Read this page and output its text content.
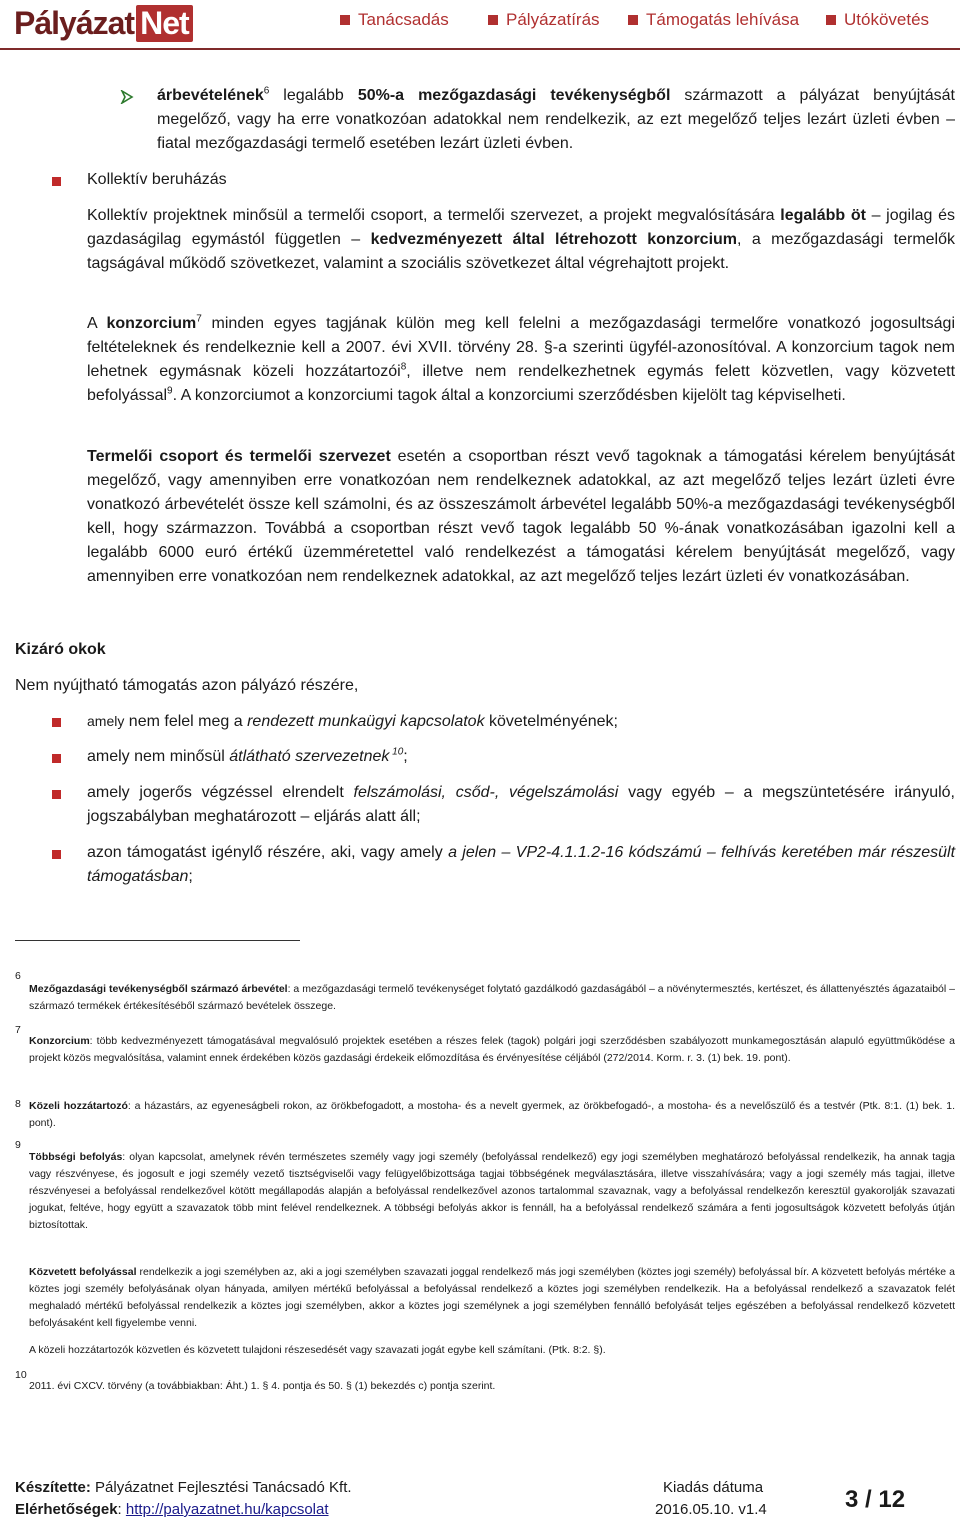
Pályázat Net	Tanácsadás	Pályázatírás	Támogatás lehívása	Utókövetés
árbevételének$^6$ legalább 50%-a mezőgazdasági tevékenységből származott a pályázat benyújtását megelőző, vagy ha erre vonatkozóan adatokkal nem rendelkezik, az ezt megelőző teljes lezárt üzleti évben – fiatal mezőgazdasági termelő esetében lezárt üzleti évben.
Kollektív beruházás
Kollektív projektnek minősül a termelői csoport, a termelői szervezet, a projekt megvalósítására legalább öt – jogilag és gazdaságilag egymástól független – kedvezményezett által létrehozott konzorcium, a mezőgazdasági termelők tagságával működő szövetkezet, valamint a szociális szövetkezet által végrehajtott projekt.
A konzorcium$^7$ minden egyes tagjának külön meg kell felelni a mezőgazdasági termelőre vonatkozó jogosultsági feltételeknek és rendelkeznie kell a 2007. évi XVII. törvény 28. §-a szerinti ügyfél-azonosítóval. A konzorcium tagok nem lehetnek egymásnak közeli hozzátartozói$^8$, illetve nem rendelkezhetnek egymás felett közvetlen, vagy közvetett befolyással$^9$. A konzorciumot a konzorciumi tagok által a konzorciumi szerződésben kijelölt tag képviselheti.
Termelői csoport és termelői szervezet esetén a csoportban részt vevő tagoknak a támogatási kérelem benyújtását megelőző, vagy amennyiben erre vonatkozóan nem rendelkeznek adatokkal, az azt megelőző teljes lezárt üzleti évre vonatkozó árbevételét össze kell számolni, és az összeszámolt árbevétel legalább 50%-a mezőgazdasági tevékenységből kell, hogy származzon. Továbbá a csoportban részt vevő tagok legalább 50 %-ának vonatkozásában igazolni kell a legalább 6000 euró értékű üzemméretettel való rendelkezést a támogatási kérelem benyújtását megelőző, vagy amennyiben erre vonatkozóan nem rendelkeznek adatokkal, az azt megelőző teljes lezárt üzleti év vonatkozásában.
Kizáró okok
Nem nyújtható támogatás azon pályázó részére,
amely nem felel meg a rendezett munkaügyi kapcsolatok követelményének;
amely nem minősül átlátható szervezetnek $^{10}$;
amely jogerős végzéssel elrendelt felszámolási, csőd-, végelszámolási vagy egyéb – a megszüntetésére irányuló, jogszabályban meghatározott – eljárás alatt áll;
azon támogatást igénylő részére, aki, vagy amely a jelen – VP2-4.1.1.2-16 kódszámú – felhívás keretében már részesült támogatásban;
6
Mezőgazdasági tevékenységből származó árbevétel: a mezőgazdasági termelő tevékenységet folytató gazdálkodó gazdaságából – a növénytermesztés, kertészet, és állattenyésztés ágazataiból – származó termékek értékesítéséből származó bevételek összege.
7
Konzorcium: több kedvezményezett támogatásával megvalósuló projektek esetében a részes felek (tagok) polgári jogi szerződésben szabályozott munkamegosztásán alapuló együttműködése a projekt közös megvalósítása, valamint ennek érdekében közös gazdasági érdekeik előmozdítása és érvényesítése céljából (272/2014. Korm. r. 3. (1) bek. 19. pont).
8 Közeli hozzátartozó: a házastárs, az egyeneságbeli rokon, az örökbefogadott, a mostoha- és a nevelt gyermek, az örökbefogadó-, a mostoha- és a nevelőszülő és a testvér (Ptk. 8:1. (1) bek. 1. pont).
9
Többségi befolyás: olyan kapcsolat, amelynek révén természetes személy vagy jogi személy (befolyással rendelkező) egy jogi személyben meghatározó befolyással rendelkezik, ha annak tagja vagy részvényese, és jogosult e jogi személy vezető tisztségviselői vagy felügyelőbizottsága tagjai többségének megválasztására, illetve visszahívására; vagy a jogi személy más tagjai, illetve részvényesei a befolyással rendelkezővel kötött megállapodás alapján a befolyással rendelkezővel azonos tartalommal szavaznak, vagy a befolyással rendelkezőn keresztül gyakorolják szavazati jogukat, feltéve, hogy együtt a szavazatok több mint felével rendelkeznek. A többségi befolyás akkor is fennáll, ha a befolyással rendelkező számára a fenti jogosultságok közvetett befolyás útján biztosítottak.
Közvetett befolyással rendelkezik a jogi személyben az, aki a jogi személyben szavazati joggal rendelkező más jogi személyben (köztes jogi személy) befolyással bír. A közvetett befolyás mértéke a köztes jogi személy befolyásának olyan hányada, amilyen mértékű befolyással a befolyással rendelkező a köztes jogi személyben rendelkezik. Ha a befolyással rendelkező a szavazatok felét meghaladó mértékű befolyással rendelkezik a köztes jogi személyben, akkor a köztes jogi személynek a jogi személyben fennálló befolyását teljes egészében a befolyással rendelkező közvetett befolyásaként kell figyelembe venni.
A közeli hozzátartozók közvetlen és közvetett tulajdoni részesedését vagy szavazati jogát egybe kell számítani. (Ptk. 8:2. §).
10
2011. évi CXCV. törvény (a továbbiakban: Áht.) 1. § 4. pontja és 50. § (1) bekezdés c) pontja szerint.
Készítette: Pályázatnet Fejlesztési Tanácsadó Kft.
Elérhetőségek: http://palyazatnet.hu/kapcsolat
Kiadás dátuma
2016.05.10. v1.4	3 / 12
